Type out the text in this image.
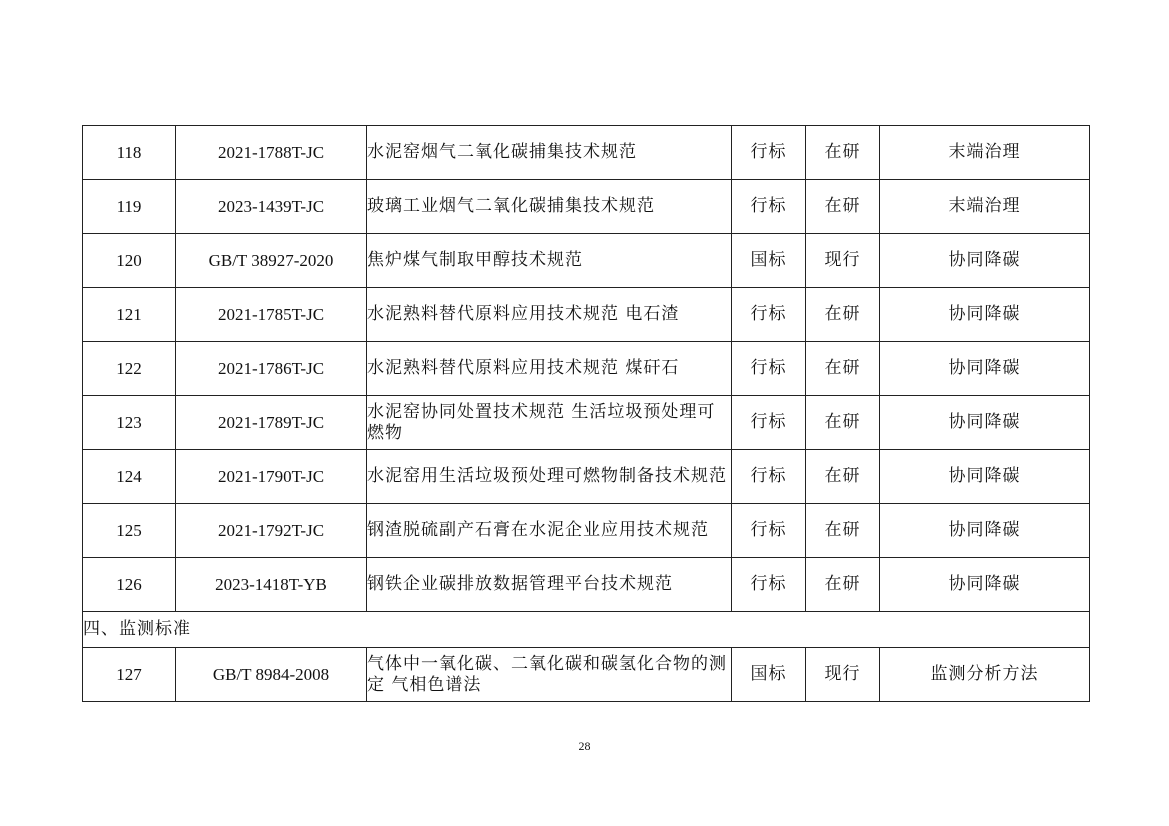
118	2021-1788T-JC	水泥窑烟气二氧化碳捕集技术规范	行标	在研	末端治理
119	2023-1439T-JC	玻璃工业烟气二氧化碳捕集技术规范	行标	在研	末端治理
120	GB/T 38927-2020	焦炉煤气制取甲醇技术规范	国标	现行	协同降碳
121	2021-1785T-JC	水泥熟料替代原料应用技术规范 电石渣	行标	在研	协同降碳
122	2021-1786T-JC	水泥熟料替代原料应用技术规范 煤矸石	行标	在研	协同降碳
123	2021-1789T-JC	水泥窑协同处置技术规范 生活垃圾预处理可燃物	行标	在研	协同降碳
124	2021-1790T-JC	水泥窑用生活垃圾预处理可燃物制备技术规范	行标	在研	协同降碳
125	2021-1792T-JC	钢渣脱硫副产石膏在水泥企业应用技术规范	行标	在研	协同降碳
126	2023-1418T-YB	钢铁企业碳排放数据管理平台技术规范	行标	在研	协同降碳
四、监测标准					
127	GB/T 8984-2008	气体中一氧化碳、二氧化碳和碳氢化合物的测定 气相色谱法	国标	现行	监测分析方法
28
